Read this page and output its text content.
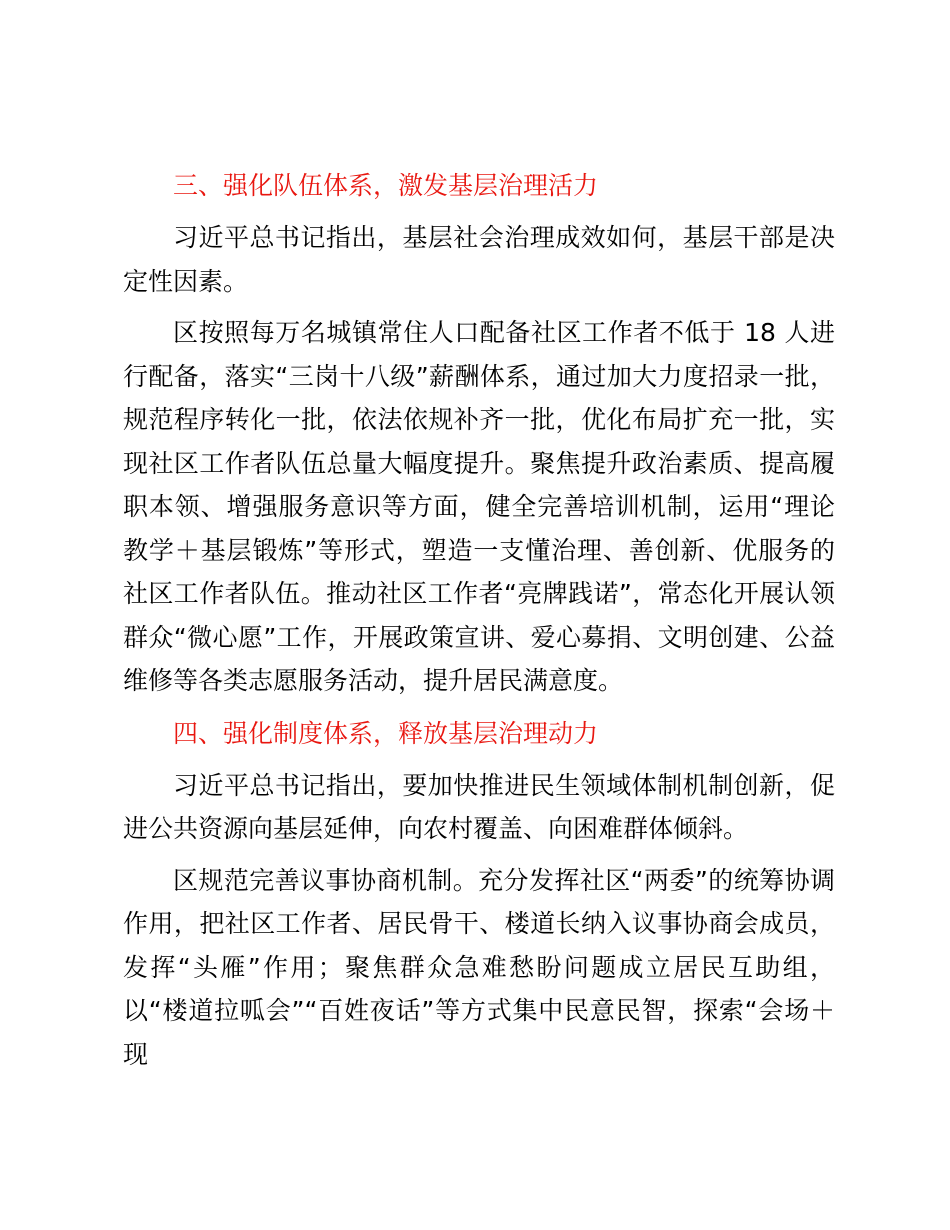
三、强化队伍体系，激发基层治理活力

习近平总书记指出，基层社会治理成效如何，基层干部是决定性因素。

区按照每万名城镇常住人口配备社区工作者不低于 18 人进行配备，落实“三岗十八级”薪酬体系，通过加大力度招录一批，规范程序转化一批，依法依规补齐一批，优化布局扩充一批，实现社区工作者队伍总量大幅度提升。聚焦提升政治素质、提高履职本领、增强服务意识等方面，健全完善培训机制，运用“理论教学＋基层锻炼”等形式，塑造一支懂治理、善创新、优服务的社区工作者队伍。推动社区工作者“亮牌践诺”，常态化开展认领群众“微心愿”工作，开展政策宣讲、爱心募捐、文明创建、公益维修等各类志愿服务活动，提升居民满意度。

四、强化制度体系，释放基层治理动力

习近平总书记指出，要加快推进民生领域体制机制创新，促进公共资源向基层延伸，向农村覆盖、向困难群体倾斜。

区规范完善议事协商机制。充分发挥社区“两委”的统筹协调作用，把社区工作者、居民骨干、楼道长纳入议事协商会成员，发挥“头雁”作用；聚焦群众急难愁盼问题成立居民互助组，以“楼道拉呱会”“百姓夜话”等方式集中民意民智，探索“会场＋现
